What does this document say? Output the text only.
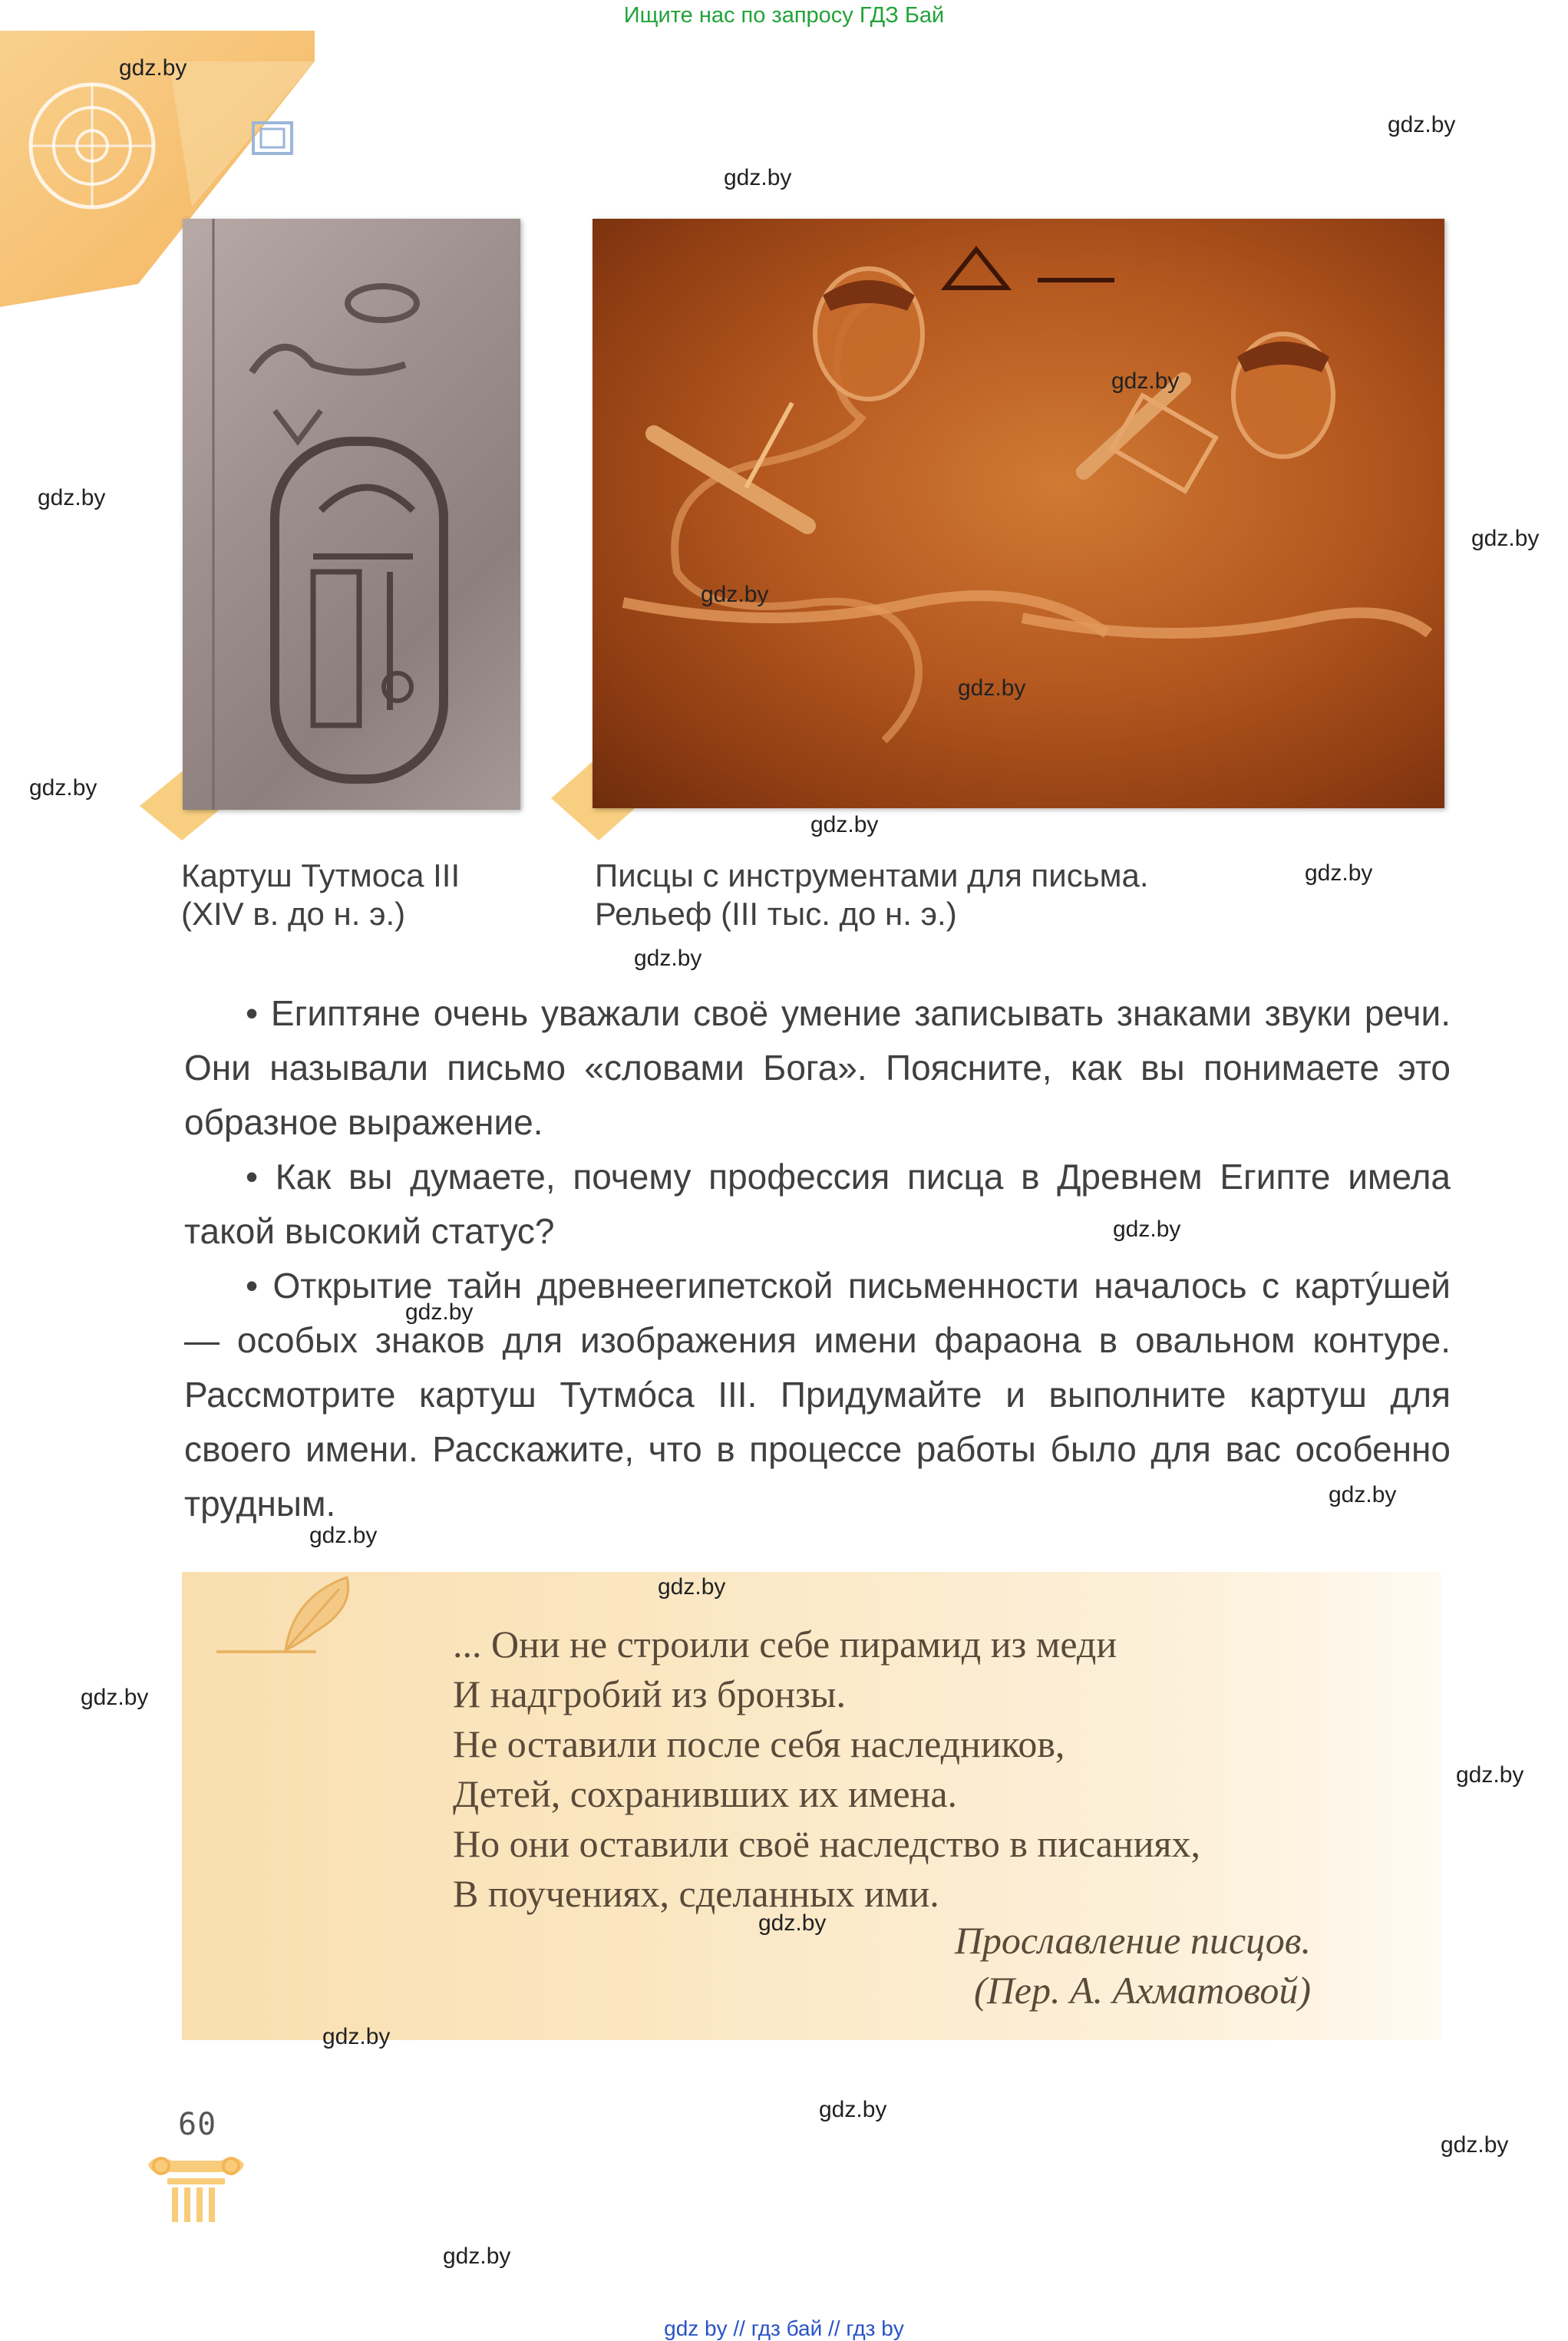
Ищите нас по запросу ГДЗ Бай
Картуш Тутмоса III
(XIV в. до н. э.)
Писцы с инструментами для письма.
Рельеф (III тыс. до н. э.)

• Египтяне очень уважали своё умение записывать знаками звуки речи. Они называли письмо «словами Бога». Поясните, как вы понимаете это образное выражение.

• Как вы думаете, почему профессия писца в Древнем Египте имела такой высокий статус?

• Открытие тайн древнеегипетской письменности началось с картýшей — особых знаков для изображения имени фараона в овальном контуре. Рассмотрите картуш Тутмóса III. Придумайте и выполните картуш для своего имени. Расскажите, что в процессе работы было для вас особенно трудным.

... Они не строили себе пирамид из меди
И надгробий из бронзы.
Не оставили после себя наследников,
Детей, сохранивших их имена.
Но они оставили своё наследство в писаниях,
В поучениях, сделанных ими.
Прославление писцов.
(Пер. А. Ахматовой)
60
gdz.by
gdz.by
gdz.by
gdz.by
gdz.by
gdz.by
gdz.by
gdz.by
gdz.by
gdz.by
gdz.by
gdz.by
gdz.by
gdz.by
gdz.by
gdz.by
gdz.by
gdz.by
gdz.by
gdz.by
gdz.by
gdz.by
gdz.by
gdz.by
gdz by // гдз бай // гдз by
